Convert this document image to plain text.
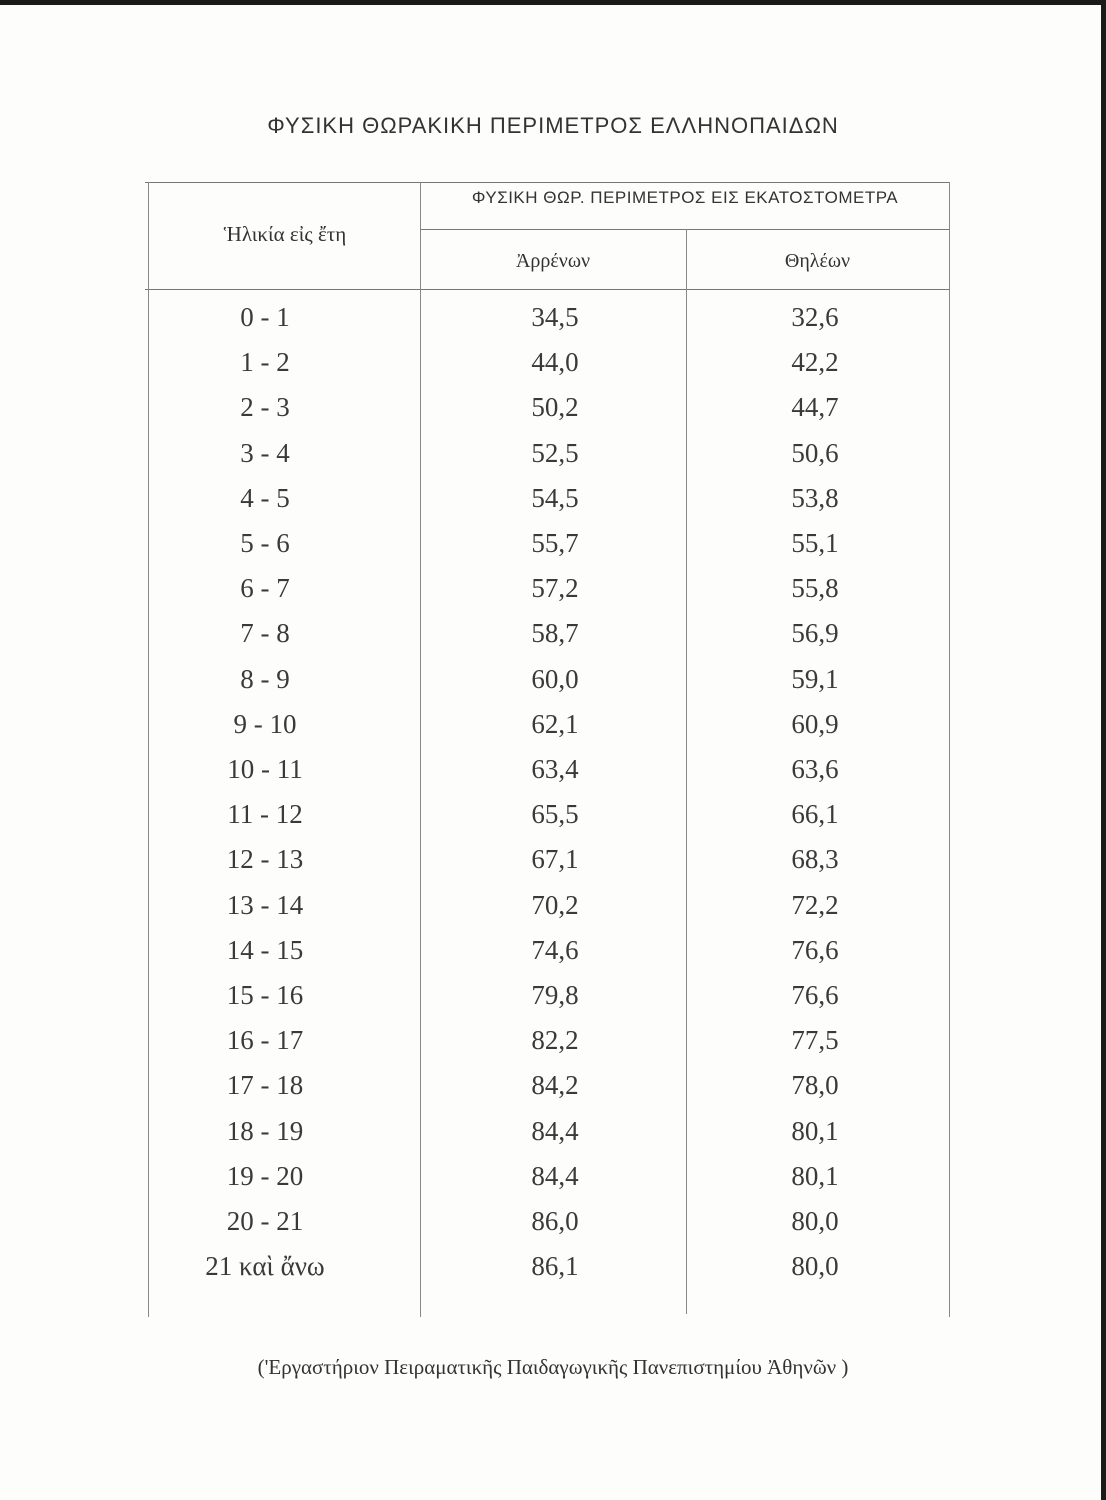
ΦΥΣΙΚΗ ΘΩΡΑΚΙΚΗ ΠΕΡΙΜΕΤΡΟΣ ΕΛΛΗΝΟΠΑΙΔΩΝ
Ἡλικία εἰς ἔτη
ΦΥΣΙΚΗ ΘΩΡ. ΠΕΡΙΜΕΤΡΟΣ ΕΙΣ ΕΚΑΤΟΣΤΟΜΕΤΡΑ
Ἀρρένων	Θηλέων
0 - 1	34,5	32,6
1 - 2	44,0	42,2
2 - 3	50,2	44,7
3 - 4	52,5	50,6
4 - 5	54,5	53,8
5 - 6	55,7	55,1
6 - 7	57,2	55,8
7 - 8	58,7	56,9
8 - 9	60,0	59,1
9 - 10	62,1	60,9
10 - 11	63,4	63,6
11 - 12	65,5	66,1
12 - 13	67,1	68,3
13 - 14	70,2	72,2
14 - 15	74,6	76,6
15 - 16	79,8	76,6
16 - 17	82,2	77,5
17 - 18	84,2	78,0
18 - 19	84,4	80,1
19 - 20	84,4	80,1
20 - 21	86,0	80,0
21 καὶ ἄνω	86,1	80,0
('Εργαστήριον Πειραματικῆς Παιδαγωγικῆς Πανεπιστημίου Ἀθηνῶν )
